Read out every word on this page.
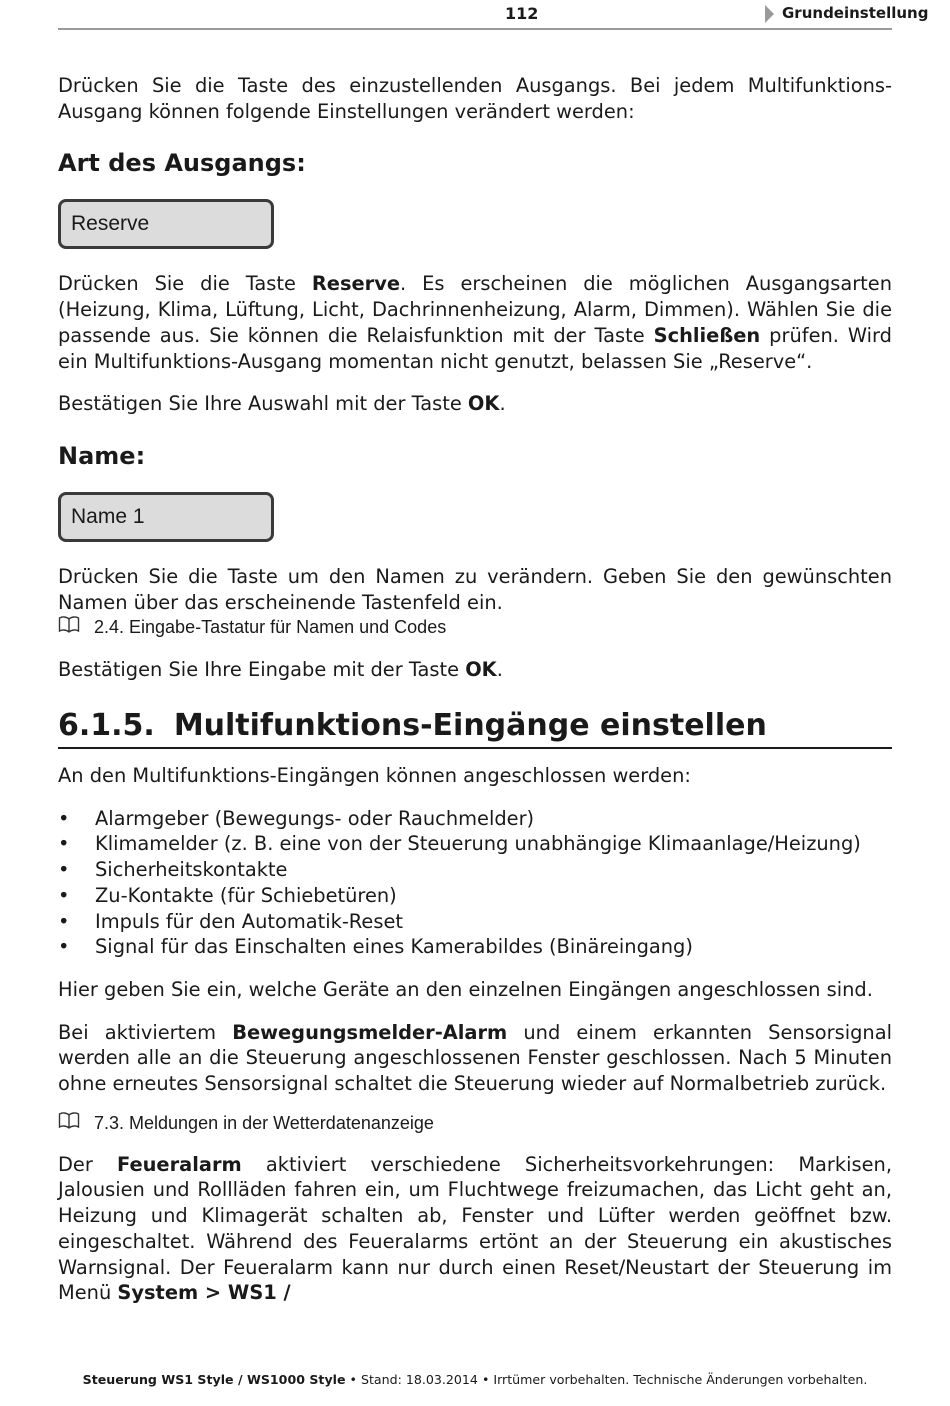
112	Grundeinstellung

Drücken Sie die Taste des einzustellenden Ausgangs. Bei jedem Multifunktions-Ausgang können folgende Einstellungen verändert werden:

Art des Ausgangs:
Reserve

Drücken Sie die Taste Reserve. Es erscheinen die möglichen Ausgangsarten (Heizung, Klima, Lüftung, Licht, Dachrinnenheizung, Alarm, Dimmen). Wählen Sie die passende aus. Sie können die Relaisfunktion mit der Taste Schließen prüfen. Wird ein Multifunktions-Ausgang momentan nicht genutzt, belassen Sie „Reserve“.

Bestätigen Sie Ihre Auswahl mit der Taste OK.

Name:
Name 1

Drücken Sie die Taste um den Namen zu verändern. Geben Sie den gewünschten Namen über das erscheinende Tastenfeld ein.

2.4. Eingabe-Tastatur für Namen und Codes

Bestätigen Sie Ihre Eingabe mit der Taste OK.

6.1.5. Multifunktions-Eingänge einstellen

An den Multifunktions-Eingängen können angeschlossen werden:

• Alarmgeber (Bewegungs- oder Rauchmelder)
• Klimamelder (z. B. eine von der Steuerung unabhängige Klimaanlage/Heizung)
• Sicherheitskontakte
• Zu-Kontakte (für Schiebetüren)
• Impuls für den Automatik-Reset
• Signal für das Einschalten eines Kamerabildes (Binäreingang)

Hier geben Sie ein, welche Geräte an den einzelnen Eingängen angeschlossen sind.

Bei aktiviertem Bewegungsmelder-Alarm und einem erkannten Sensorsignal werden alle an die Steuerung angeschlossenen Fenster geschlossen. Nach 5 Minuten ohne erneutes Sensorsignal schaltet die Steuerung wieder auf Normalbetrieb zurück.

7.3. Meldungen in der Wetterdatenanzeige

Der Feueralarm aktiviert verschiedene Sicherheitsvorkehrungen: Markisen, Jalousien und Rollläden fahren ein, um Fluchtwege freizumachen, das Licht geht an, Heizung und Klimagerät schalten ab, Fenster und Lüfter werden geöffnet bzw. eingeschaltet. Während des Feueralarms ertönt an der Steuerung ein akustisches Warnsignal. Der Feueralarm kann nur durch einen Reset/Neustart der Steuerung im Menü System > WS1 /

Steuerung WS1 Style / WS1000 Style • Stand: 18.03.2014 • Irrtümer vorbehalten. Technische Änderungen vorbehalten.
